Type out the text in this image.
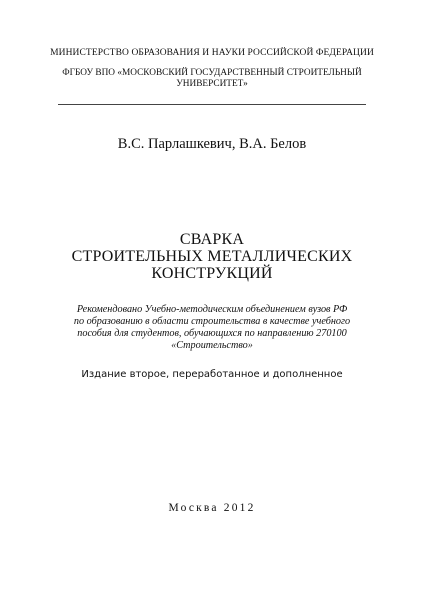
МИНИСТЕРСТВО ОБРАЗОВАНИЯ И НАУКИ РОССИЙСКОЙ ФЕДЕРАЦИИ
ФГБОУ ВПО «МОСКОВСКИЙ ГОСУДАРСТВЕННЫЙ СТРОИТЕЛЬНЫЙ
УНИВЕРСИТЕТ»
В.С. Парлашкевич, В.А. Белов
СВАРКА
СТРОИТЕЛЬНЫХ МЕТАЛЛИЧЕСКИХ
КОНСТРУКЦИЙ
Рекомендовано Учебно-методическим объединением вузов РФ
по образованию в области строительства в качестве учебного
пособия для студентов, обучающихся по направлению 270100
«Строительство»
Издание второе, переработанное и дополненное
Москва 2012
